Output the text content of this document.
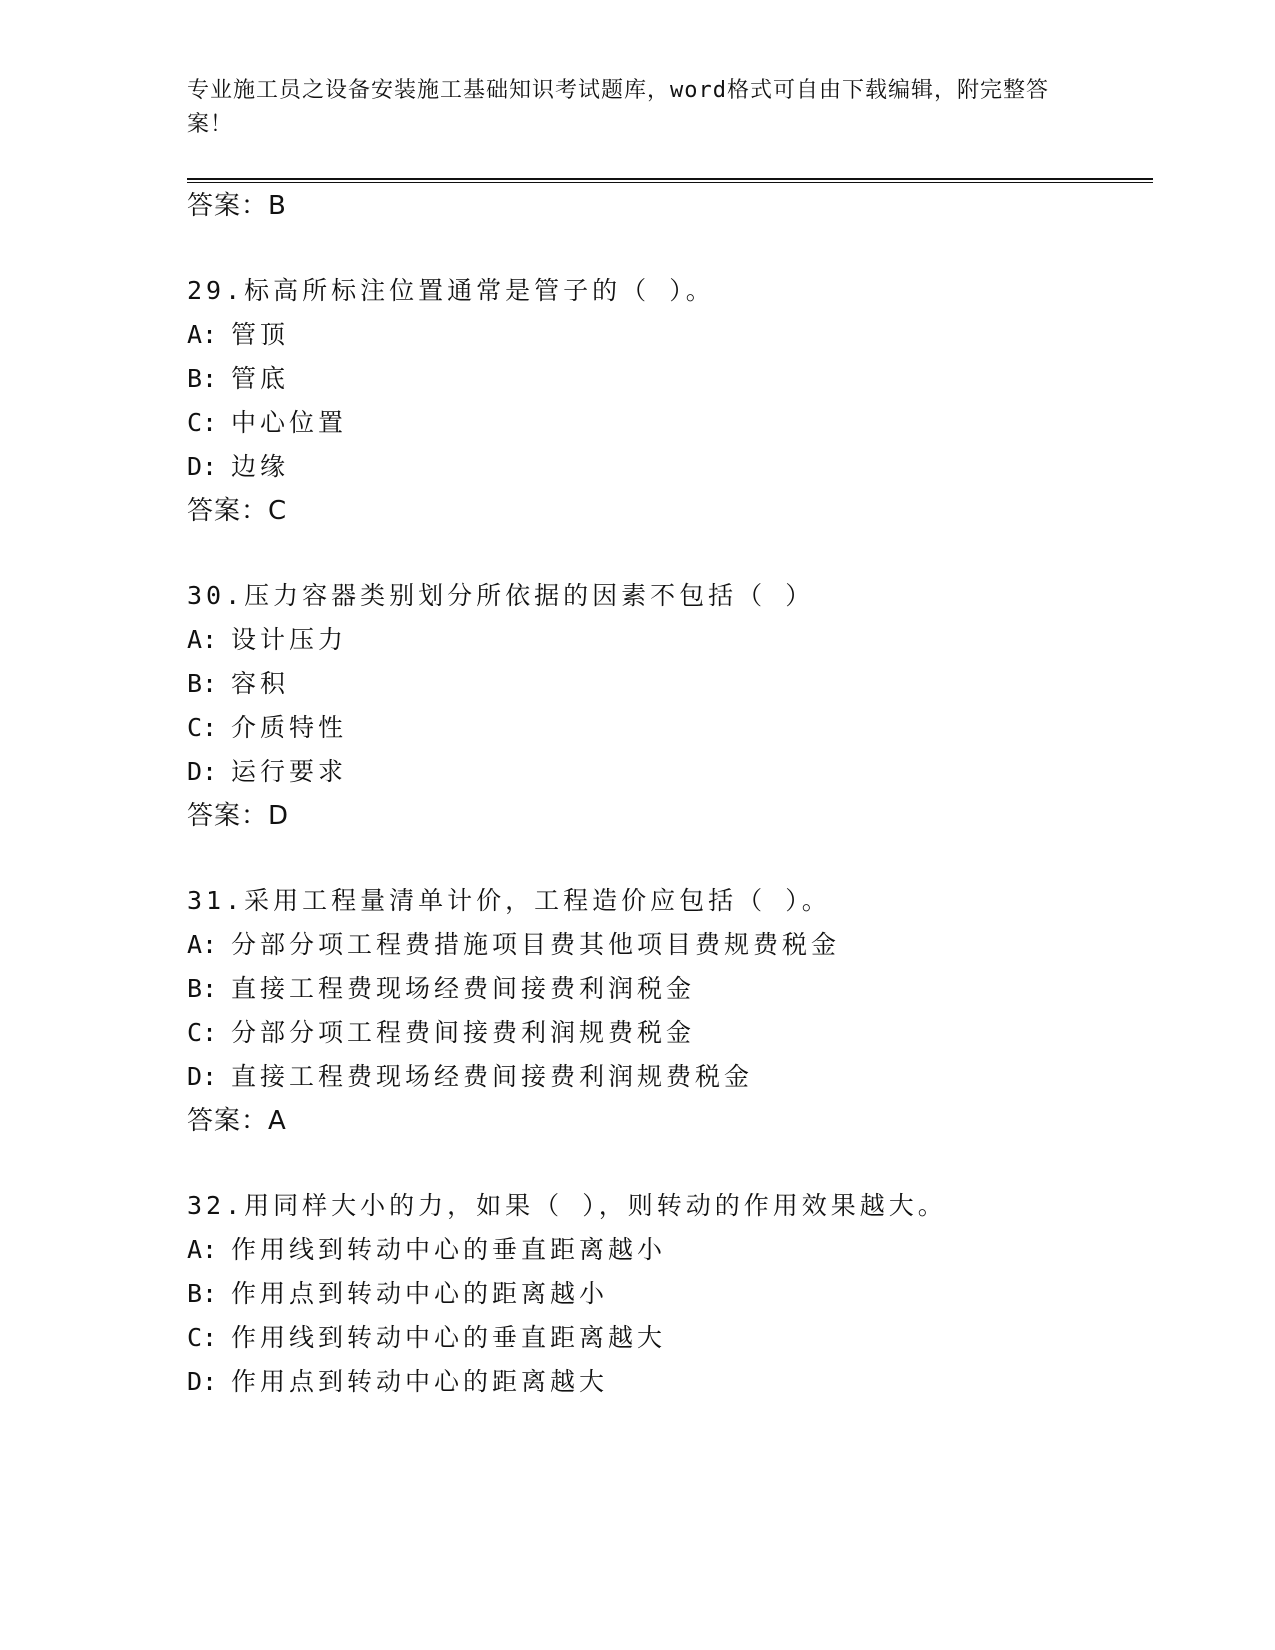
专业施工员之设备安装施工基础知识考试题库，word格式可自由下载编辑，附完整答案！
答案：B
29.标高所标注位置通常是管子的（ ）。
A: 管顶
B: 管底
C: 中心位置
D: 边缘
答案：C
30.压力容器类别划分所依据的因素不包括（ ）
A: 设计压力
B: 容积
C: 介质特性
D: 运行要求
答案：D
31.采用工程量清单计价，工程造价应包括（ ）。
A: 分部分项工程费措施项目费其他项目费规费税金
B: 直接工程费现场经费间接费利润税金
C: 分部分项工程费间接费利润规费税金
D: 直接工程费现场经费间接费利润规费税金
答案：A
32.用同样大小的力，如果（ ），则转动的作用效果越大。
A: 作用线到转动中心的垂直距离越小
B: 作用点到转动中心的距离越小
C: 作用线到转动中心的垂直距离越大
D: 作用点到转动中心的距离越大
